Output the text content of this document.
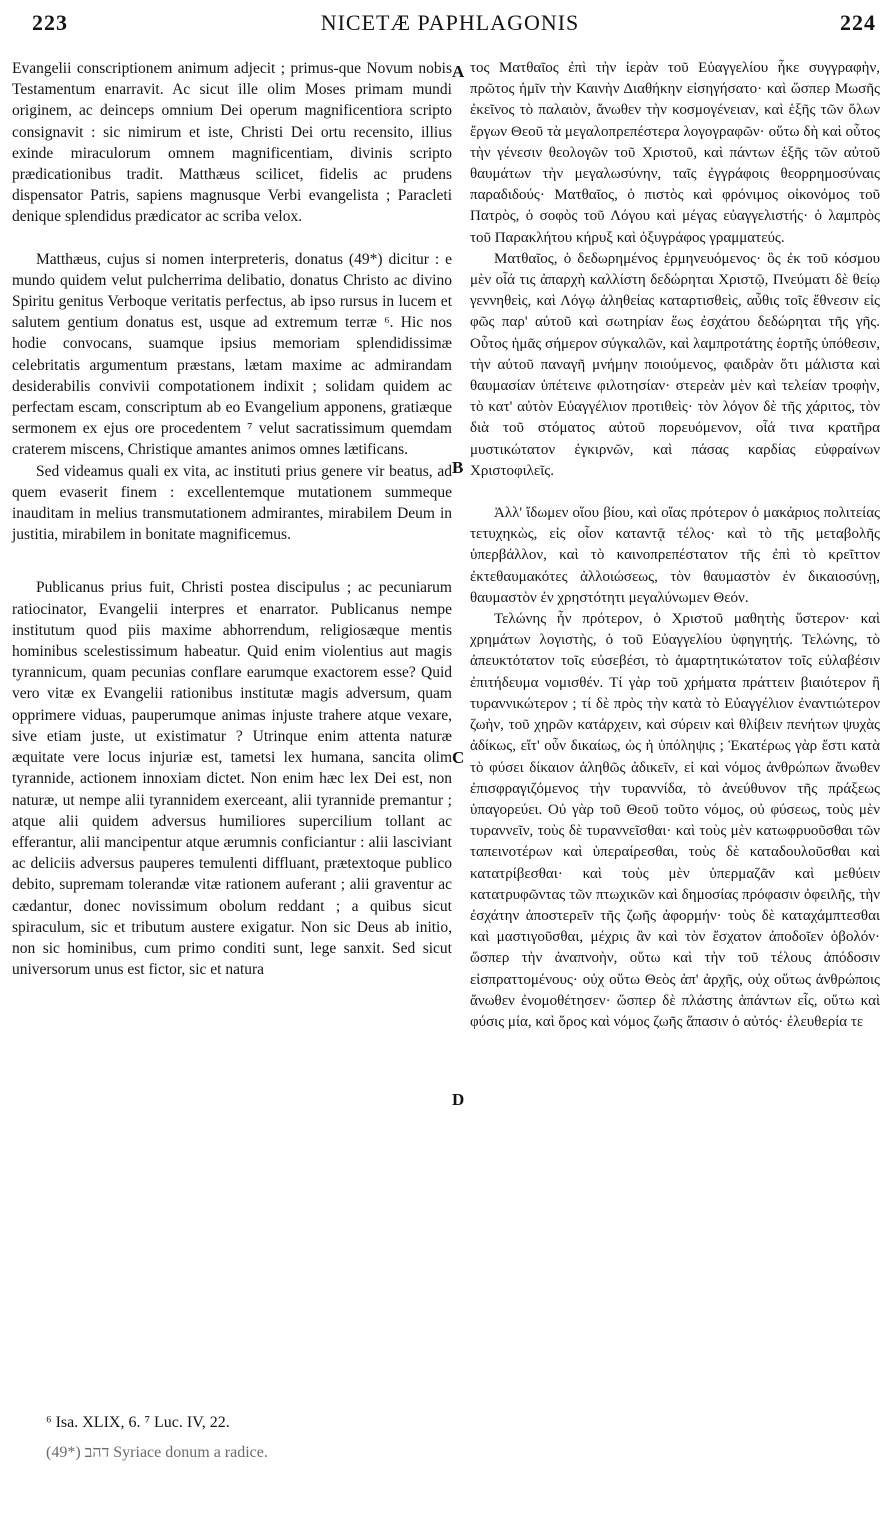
223	NICETÆ PAPHLAGONIS	224

Evangelii conscriptionem animum adjecit ; primus-que Novum nobis Testamentum enarravit. Ac sicut ille olim Moses primam mundi originem, ac deinceps omnium Dei operum magnificentiora scripto consignavit : sic nimirum et iste, Christi Dei ortu recensito, illius exinde miraculorum omnem magnificentiam, divinis scripto prædicationibus tradit. Matthæus scilicet, fidelis ac prudens dispensator Patris, sapiens magnusque Verbi evangelista ; Paracleti denique splendidus prædicator ac scriba velox.

Matthæus, cujus si nomen interpreteris, donatus (49*) dicitur : e mundo quidem velut pulcherrima delibatio, donatus Christo ac divino Spiritu genitus Verboque veritatis perfectus, ab ipso rursus in lucem et salutem gentium donatus est, usque ad extremum terræ ⁶. Hic nos hodie convocans, suamque ipsius memoriam splendidissimæ celebritatis argumentum præstans, lætam maxime ac admirandam desiderabilis convivii compotationem indixit ; solidam quidem ac perfectam escam, conscriptum ab eo Evangelium apponens, gratiæque sermonem ex ejus ore procedentem ⁷ velut sacratissimum quemdam craterem miscens, Christique amantes animos omnes lætificans.

Sed videamus quali ex vita, ac instituti prius genere vir beatus, ad quem evaserit finem : excellentemque mutationem summeque inauditam in melius transmutationem admirantes, mirabilem Deum in justitia, mirabilem in bonitate magnificemus.

Publicanus prius fuit, Christi postea discipulus ; ac pecuniarum ratiocinator, Evangelii interpres et enarrator. Publicanus nempe institutum quod piis maxime abhorrendum, religiosæque mentis hominibus scelestissimum habeatur. Quid enim violentius aut magis tyrannicum, quam pecunias conflare earumque exactorem esse? Quid vero vitæ ex Evangelii rationibus institutæ magis adversum, quam opprimere viduas, pauperumque animas injuste trahere atque vexare, sive etiam juste, ut existimatur ? Utrinque enim attenta naturæ æquitate vere locus injuriæ est, tametsi lex humana, sancita olim tyrannide, actionem innoxiam dictet. Non enim hæc lex Dei est, non naturæ, ut nempe alii tyrannidem exerceant, alii tyrannide premantur ; atque alii quidem adversus humiliores supercilium tollant ac efferantur, alii mancipentur atque ærumnis conficiantur : alii lasciviant ac deliciis adversus pauperes temulenti diffluant, prætextoque publico debito, supremam tolerandæ vitæ rationem auferant ; alii graventur ac cædantur, donec novissimum obolum reddant ; a quibus sicut spiraculum, sic et tributum austere exigatur. Non sic Deus ab initio, non sic hominibus, cum primo conditi sunt, lege sanxit. Sed sicut universorum unus est fictor, sic et natura

τος Ματθαῖος ἐπὶ τὴν ἱερὰν τοῦ Εὐαγγελίου ἧκε συγγραφὴν, πρῶτος ἡμῖν τὴν Καινὴν Διαθήκην εἰσηγήσατο· καὶ ὥσπερ Μωσῆς ἐκεῖνος τὸ παλαιὸν, ἄνωθεν τὴν κοσμογένειαν, καὶ ἑξῆς τῶν ὅλων ἔργων Θεοῦ τὰ μεγαλοπρεπέστερα λογογραφῶν· οὕτω δὴ καὶ οὗτος τὴν γένεσιν θεολογῶν τοῦ Χριστοῦ, καὶ πάντων ἑξῆς τῶν αὐτοῦ θαυμάτων τὴν μεγαλωσύνην, ταῖς ἐγγράφοις θεορρημοσύναις παραδιδούς· Ματθαῖος, ὁ πιστὸς καὶ φρόνιμος οἰκονόμος τοῦ Πατρὸς, ὁ σοφὸς τοῦ Λόγου καὶ μέγας εὐαγγελιστής· ὁ λαμπρὸς τοῦ Παρακλήτου κήρυξ καὶ ὀξυγράφος γραμματεύς.

Ματθαῖος, ὁ δεδωρημένος ἑρμηνευόμενος· ὃς ἐκ τοῦ κόσμου μὲν οἷά τις ἀπαρχὴ καλλίστη δεδώρηται Χριστῷ, Πνεύματι δὲ θείῳ γεννηθεὶς, καὶ Λόγῳ ἀληθείας καταρτισθεὶς, αὖθις τοῖς ἔθνεσιν εἰς φῶς παρ' αὐτοῦ καὶ σωτηρίαν ἕως ἐσχάτου δεδώρηται τῆς γῆς. Οὗτος ἡμᾶς σήμερον σύγκαλῶν, καὶ λαμπροτάτης ἑορτῆς ὑπόθεσιν, τὴν αὐτοῦ παναγῆ μνήμην ποιούμενος, φαιδρὰν ὅτι μάλιστα καὶ θαυμασίαν ὑπέτεινε φιλοτησίαν· στερεὰν μὲν καὶ τελείαν τροφὴν, τὸ κατ' αὐτὸν Εὐαγγέλιον προτιθεὶς· τὸν λόγον δὲ τῆς χάριτος, τὸν διὰ τοῦ στόματος αὐτοῦ πορευόμενον, οἷά τινα κρατῆρα μυστικώτατον ἐγκιρνῶν, καὶ πάσας καρδίας εὐφραίνων Χριστοφιλεῖς.

Ἀλλ' ἴδωμεν οἵου βίου, καὶ οἵας πρότερον ὁ μακάριος πολιτείας τετυχηκὼς, εἰς οἷον καταντᾷ τέλος· καὶ τὸ τῆς μεταβολῆς ὑπερβάλλον, καὶ τὸ καινοπρεπέστατον τῆς ἐπὶ τὸ κρεῖττον ἐκτεθαυμακότες ἀλλοιώσεως, τὸν θαυμαστὸν ἐν δικαιοσύνῃ, θαυμαστὸν ἐν χρηστότητι μεγαλύνωμεν Θεόν.

Τελώνης ἦν πρότερον, ὁ Χριστοῦ μαθητὴς ὕστερον· καὶ χρημάτων λογιστὴς, ὁ τοῦ Εὐαγγελίου ὑφηγητής. Τελώνης, τὸ ἀπευκτότατον τοῖς εὐσεβέσι, τὸ ἁμαρτητικώτατον τοῖς εὐλαβέσιν ἐπιτήδευμα νομισθέν. Τί γὰρ τοῦ χρήματα πράττειν βιαιότερον ἢ τυραννικώτερον ; τί δὲ πρὸς τὴν κατὰ τὸ Εὐαγγέλιον ἐναντιώτερον ζωὴν, τοῦ χηρῶν κατάρχειν, καὶ σύρειν καὶ θλίβειν πενήτων ψυχὰς ἀδίκως, εἴτ' οὖν δικαίως, ὡς ἡ ὑπόληψις ; Ἑκατέρως γὰρ ἔστι κατὰ τὸ φύσει δίκαιον ἀληθῶς ἀδικεῖν, εἰ καὶ νόμος ἀνθρώπων ἄνωθεν ἐπισφραγιζόμενος τὴν τυραννίδα, τὸ ἀνεύθυνον τῆς πράξεως ὑπαγορεύει. Οὐ γὰρ τοῦ Θεοῦ τοῦτο νόμος, οὐ φύσεως, τοὺς μὲν τυραννεῖν, τοὺς δὲ τυραννεῖσθαι· καὶ τοὺς μὲν κατωφρυοῦσθαι τῶν ταπεινοτέρων καὶ ὑπεραίρεσθαι, τοὺς δὲ καταδουλοῦσθαι καὶ κατατρίβεσθαι· καὶ τοὺς μὲν ὑπερμαζᾶν καὶ μεθύειν κατατρυφῶντας τῶν πτωχικῶν καὶ δημοσίας πρόφασιν ὀφειλῆς, τὴν ἐσχάτην ἀποστερεῖν τῆς ζωῆς ἀφορμήν· τοὺς δὲ καταχάμπτεσθαι καὶ μαστιγοῦσθαι, μέχρις ἂν καὶ τὸν ἔσχατον ἀποδοῖεν ὀβολόν· ὥσπερ τὴν ἀναπνοὴν, οὕτω καὶ τὴν τοῦ τέλους ἀπόδοσιν εἰσπραττομένους· οὐχ οὕτω Θεὸς ἀπ' ἀρχῆς, οὐχ οὕτως ἀνθρώποις ἄνωθεν ἐνομοθέτησεν· ὥσπερ δὲ πλάστης ἁπάντων εἷς, οὕτω καὶ φύσις μία, καὶ ὅρος καὶ νόμος ζωῆς ἅπασιν ὁ αὐτός· ἐλευθερία τε

A
B
C
D

⁶ Isa. XLIX, 6. ⁷ Luc. IV, 22.

(49*) דהב Syriace donum a radice.
